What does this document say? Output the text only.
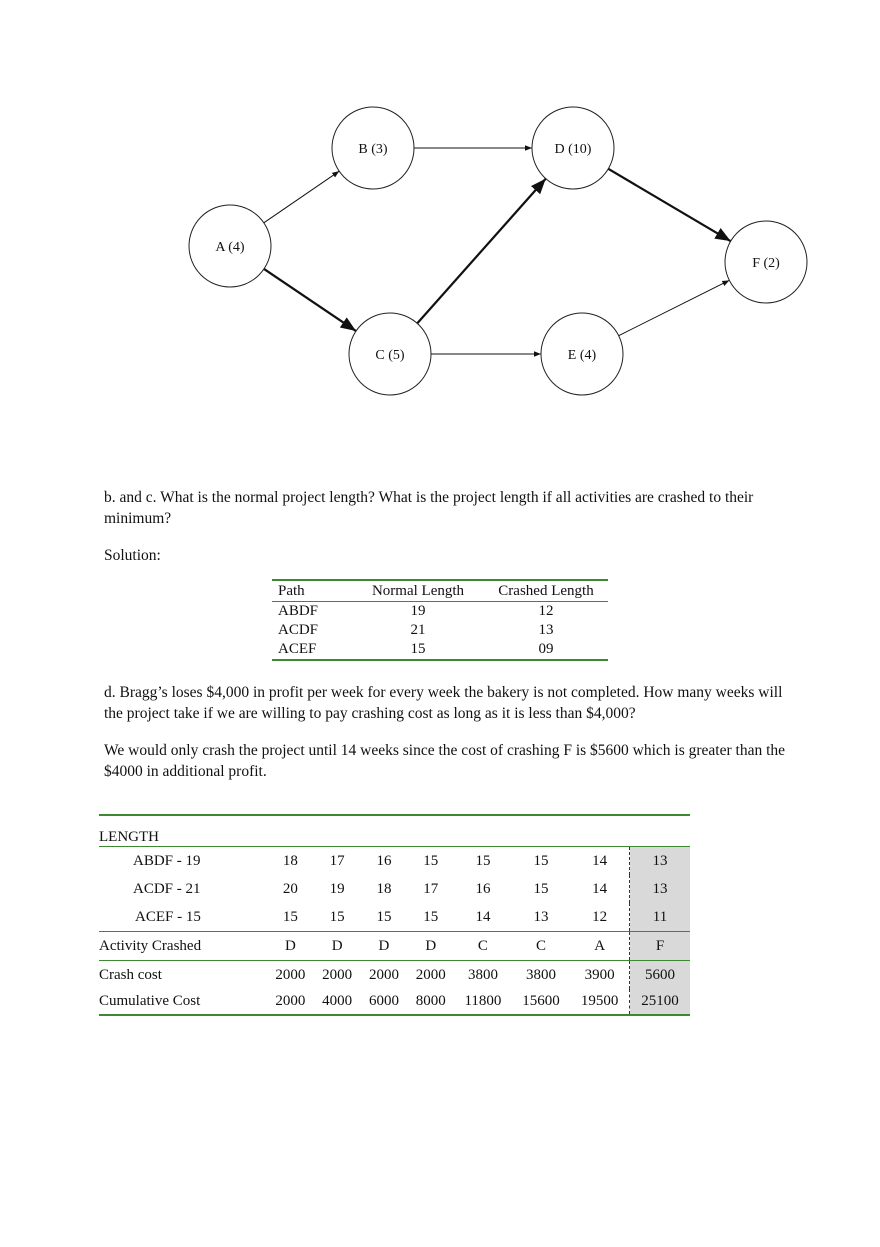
A (4)
B (3)
C (5)
D (10)
E (4)
F (2)

b. and c. What is the normal project length? What is the project length if all activities are crashed to their minimum?

Solution:

Path	Normal Length	Crashed Length
ABDF	19	12
ACDF	21	13
ACEF	15	09

d. Bragg’s loses $4,000 in profit per week for every week the bakery is not completed. How many weeks will the project take if we are willing to pay crashing cost as long as it is less than $4,000?

We would only crash the project until 14 weeks since the cost of crashing F is $5600 which is greater than the $4000 in additional profit.

LENGTH								
ABDF - 19	18	17	16	15	15	15	14	13
ACDF - 21	20	19	18	17	16	15	14	13
ACEF - 15	15	15	15	15	14	13	12	11
Activity Crashed	D	D	D	D	C	C	A	F
Crash cost	2000	2000	2000	2000	3800	3800	3900	5600
Cumulative Cost	2000	4000	6000	8000	11800	15600	19500	25100
